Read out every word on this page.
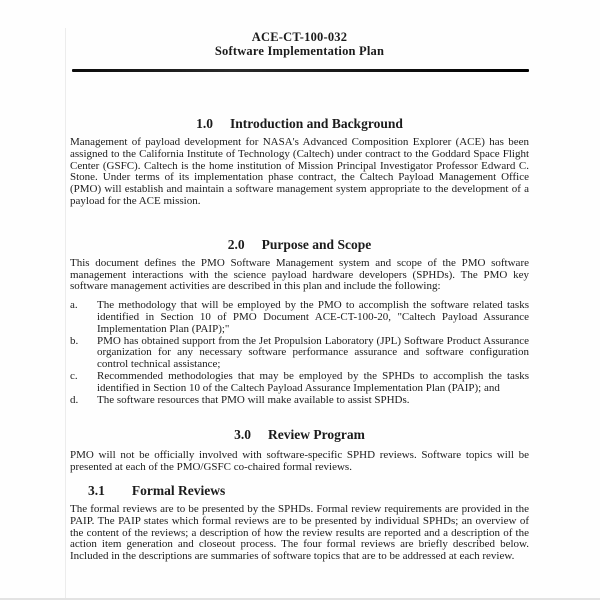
ACE-CT-100-032
Software Implementation Plan
1.0 Introduction and Background

Management of payload development for NASA's Advanced Composition Explorer (ACE) has been assigned to the California Institute of Technology (Caltech) under contract to the Goddard Space Flight Center (GSFC). Caltech is the home institution of Mission Principal Investigator Professor Edward C. Stone. Under terms of its implementation phase contract, the Caltech Payload Management Office (PMO) will establish and maintain a software management system appropriate to the development of a payload for the ACE mission.

2.0 Purpose and Scope

This document defines the PMO Software Management system and scope of the PMO software management interactions with the science payload hardware developers (SPHDs). The PMO key software management activities are described in this plan and include the following:

a.	The methodology that will be employed by the PMO to accomplish the software related tasks identified in Section 10 of PMO Document ACE-CT-100-20, "Caltech Payload Assurance Implementation Plan (PAIP);"
b.	PMO has obtained support from the Jet Propulsion Laboratory (JPL) Software Product Assurance organization for any necessary software performance assurance and software configuration control technical assistance;
c.	Recommended methodologies that may be employed by the SPHDs to accomplish the tasks identified in Section 10 of the Caltech Payload Assurance Implementation Plan (PAIP); and
d.	The software resources that PMO will make available to assist SPHDs.
3.0 Review Program

PMO will not be officially involved with software-specific SPHD reviews. Software topics will be presented at each of the PMO/GSFC co-chaired formal reviews.

3.1 Formal Reviews

The formal reviews are to be presented by the SPHDs. Formal review requirements are provided in the PAIP. The PAIP states which formal reviews are to be presented by individual SPHDs; an overview of the content of the reviews; a description of how the review results are reported and a description of the action item generation and closeout process. The four formal reviews are briefly described below. Included in the descriptions are summaries of software topics that are to be addressed at each review.
